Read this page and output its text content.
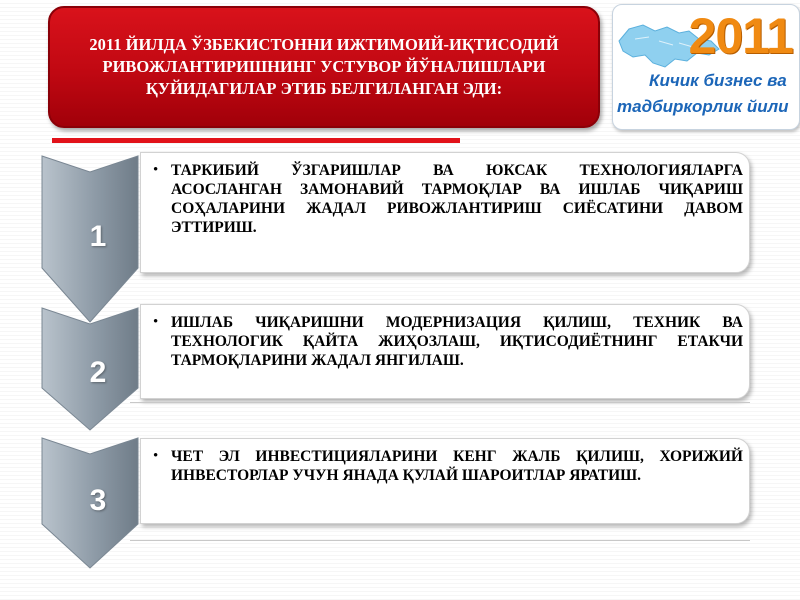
2011 ЙИЛДА ЎЗБЕКИСТОННИ ИЖТИМОИЙ-ИҚТИСОДИЙ РИВОЖЛАНТИРИШНИНГ УСТУВОР ЙЎНАЛИШЛАРИ ҚУЙИДАГИЛАР ЭТИБ БЕЛГИЛАНГАН ЭДИ:

2011
Кичик бизнес ва
тадбиркорлик йили
1
• ТАРКИБИЙ ЎЗГАРИШЛАР ВА ЮКСАК ТЕХНОЛОГИЯЛАРГА АСОСЛАНГАН ЗАМОНАВИЙ ТАРМОҚЛАР ВА ИШЛАБ ЧИҚАРИШ СОҲАЛАРИНИ ЖАДАЛ РИВОЖЛАНТИРИШ СИЁСАТИНИ ДАВОМ ЭТТИРИШ.

2
• ИШЛАБ ЧИҚАРИШНИ МОДЕРНИЗАЦИЯ ҚИЛИШ, ТЕХНИК ВА ТЕХНОЛОГИК ҚАЙТА ЖИҲОЗЛАШ, ИҚТИСОДИЁТНИНГ ЕТАКЧИ ТАРМОҚЛАРИНИ ЖАДАЛ ЯНГИЛАШ.

3
• ЧЕТ ЭЛ ИНВЕСТИЦИЯЛАРИНИ КЕНГ ЖАЛБ ҚИЛИШ, ХОРИЖИЙ ИНВЕСТОРЛАР УЧУН ЯНАДА ҚУЛАЙ ШАРОИТЛАР ЯРАТИШ.
